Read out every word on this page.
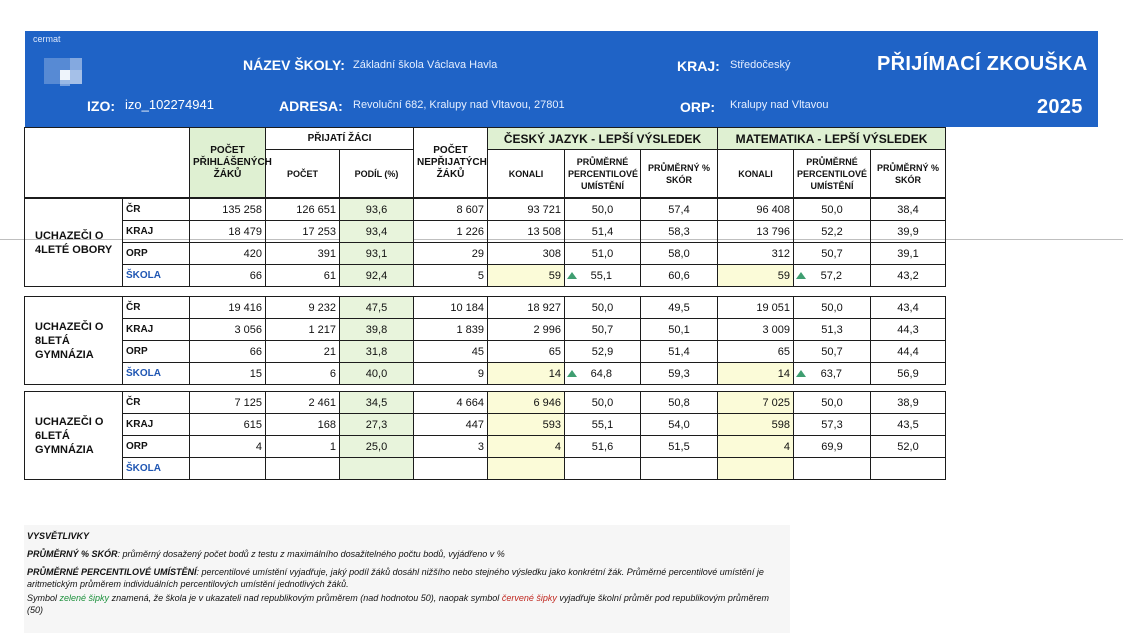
cermat
NÁZEV ŠKOLY: Základní škola Václava Havla	KRAJ: Středočeský	PŘIJÍMACÍ ZKOUŠKA
IZO: izo_102274941	ADRESA: Revoluční 682, Kralupy nad Vltavou, 27801	ORP: Kralupy nad Vltavou	2025
	POČET PŘIHLÁŠENÝCH ŽÁKŮ	PŘIJATÍ ŽÁCI		POČET NEPŘIJATÝCH ŽÁKŮ	ČESKÝ JAZYK - LEPŠÍ VÝSLEDEK			MATEMATIKA - LEPŠÍ VÝSLEDEK		
		POČET	PODÍL (%)		KONALI	PRŮMĚRNÉ PERCENTILOVÉ UMÍSTĚNÍ	PRŮMĚRNÝ % SKÓR	KONALI	PRŮMĚRNÉ PERCENTILOVÉ UMÍSTĚNÍ	PRŮMĚRNÝ % SKÓR
UCHAZEČI O 4LETÉ OBORY	ČR	135 258	126 651	93,6	8 607	93 721	50,0	57,4	96 408	50,0	38,4
	KRAJ	18 479	17 253	93,4	1 226	13 508	51,4	58,3	13 796	52,2	39,9
	ORP	420	391	93,1	29	308	51,0	58,0	312	50,7	39,1
	ŠKOLA	66	61	92,4	5	59	55,1	60,6	59	57,2	43,2
UCHAZEČI O 8LETÁ GYMNÁZIA	ČR	19 416	9 232	47,5	10 184	18 927	50,0	49,5	19 051	50,0	43,4
	KRAJ	3 056	1 217	39,8	1 839	2 996	50,7	50,1	3 009	51,3	44,3
	ORP	66	21	31,8	45	65	52,9	51,4	65	50,7	44,4
	ŠKOLA	15	6	40,0	9	14	64,8	59,3	14	63,7	56,9
UCHAZEČI O 6LETÁ GYMNÁZIA	ČR	7 125	2 461	34,5	4 664	6 946	50,0	50,8	7 025	50,0	38,9
	KRAJ	615	168	27,3	447	593	55,1	54,0	598	57,3	43,5
	ORP	4	1	25,0	3	4	51,6	51,5	4	69,9	52,0
	ŠKOLA										

VYSVĚTLIVKY

PRŮMĚRNÝ % SKÓR: průměrný dosažený počet bodů z testu z maximálního dosažitelného počtu bodů, vyjádřeno v %

PRŮMĚRNÉ PERCENTILOVÉ UMÍSTĚNÍ: percentilové umístění vyjadřuje, jaký podíl žáků dosáhl nižšího nebo stejného výsledku jako konkrétní žák. Průměrné percentilové umístění je aritmetickým průměrem individuálních percentilových umístění jednotlivých žáků.

Symbol zelené šipky znamená, že škola je v ukazateli nad republikovým průměrem (nad hodnotou 50), naopak symbol červené šipky vyjadřuje školní průměr pod republikovým průměrem (50)
